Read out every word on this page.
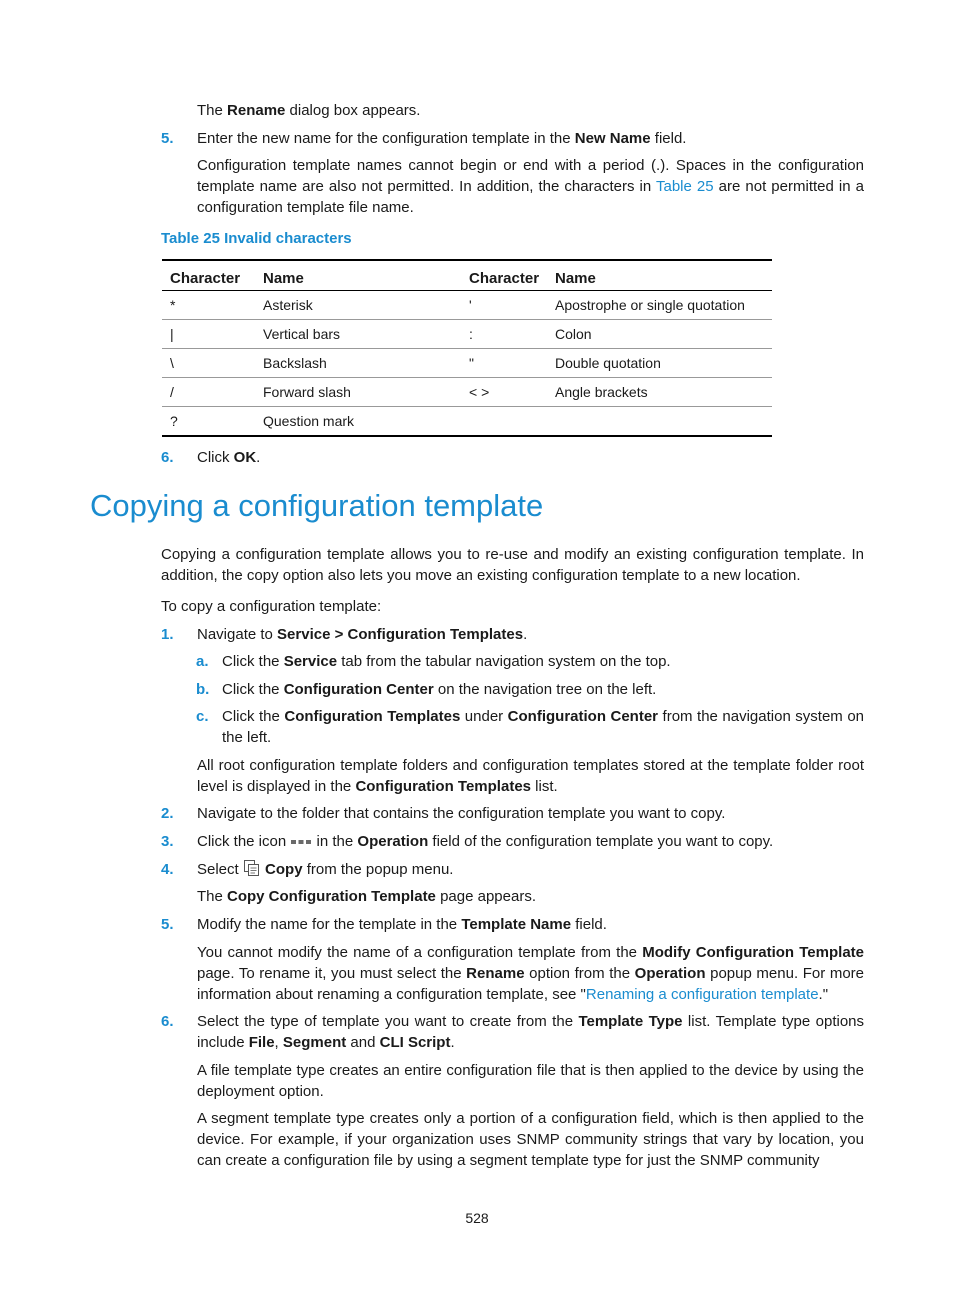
The Rename dialog box appears.
5. Enter the new name for the configuration template in the New Name field.
Configuration template names cannot begin or end with a period (.). Spaces in the configuration template name are also not permitted. In addition, the characters in Table 25 are not permitted in a configuration template file name.
Table 25 Invalid characters
Character	Name	Character	Name
*	Asterisk	'	Apostrophe or single quotation
|	Vertical bars	:	Colon
\	Backslash	"	Double quotation
/	Forward slash	< >	Angle brackets
?	Question mark		
6. Click OK.
Copying a configuration template
Copying a configuration template allows you to re-use and modify an existing configuration template. In addition, the copy option also lets you move an existing configuration template to a new location.
To copy a configuration template:
1. Navigate to Service > Configuration Templates.
a. Click the Service tab from the tabular navigation system on the top.
b. Click the Configuration Center on the navigation tree on the left.
c. Click the Configuration Templates under Configuration Center from the navigation system on the left.
All root configuration template folders and configuration templates stored at the template folder root level is displayed in the Configuration Templates list.
2. Navigate to the folder that contains the configuration template you want to copy.
3. Click the icon  in the Operation field of the configuration template you want to copy.
4. Select  Copy from the popup menu.
The Copy Configuration Template page appears.
5. Modify the name for the template in the Template Name field.
You cannot modify the name of a configuration template from the Modify Configuration Template page. To rename it, you must select the Rename option from the Operation popup menu. For more information about renaming a configuration template, see "Renaming a configuration template."
6. Select the type of template you want to create from the Template Type list. Template type options include File, Segment and CLI Script.
A file template type creates an entire configuration file that is then applied to the device by using the deployment option.
A segment template type creates only a portion of a configuration field, which is then applied to the device. For example, if your organization uses SNMP community strings that vary by location, you can create a configuration file by using a segment template type for just the SNMP community
528
